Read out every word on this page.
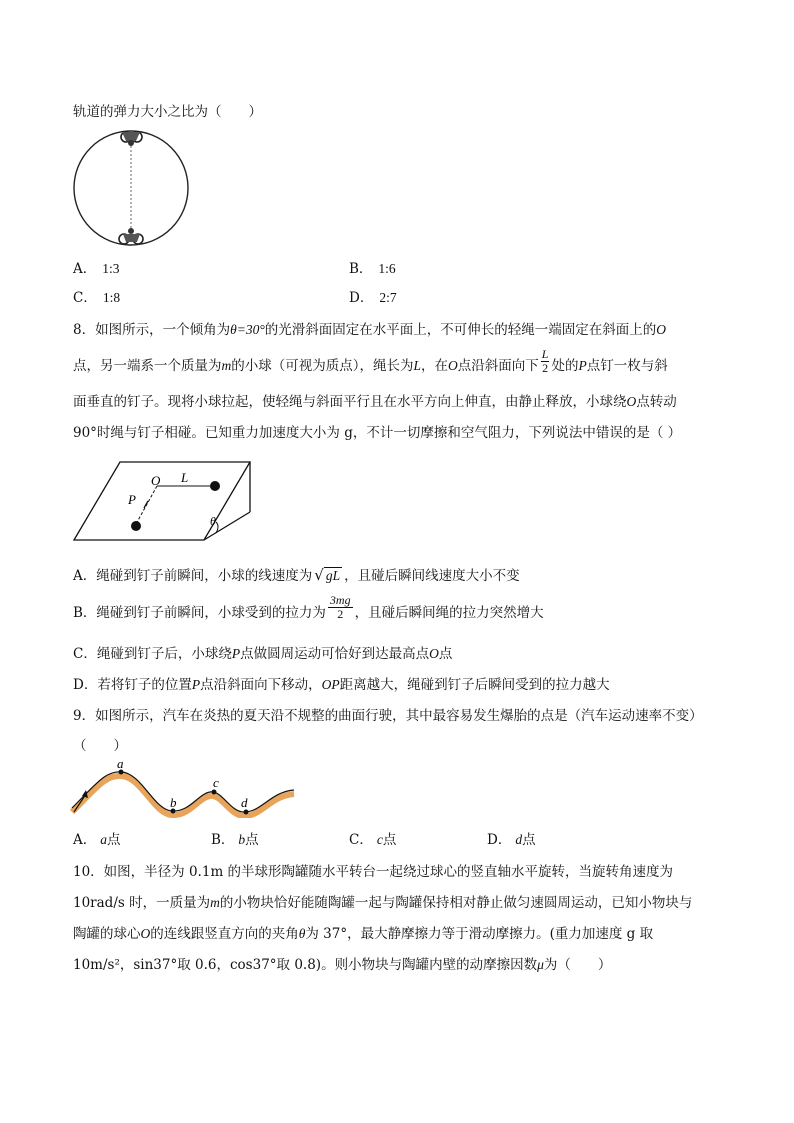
轨道的弹力大小之比为（　　）
A． 1:3	B． 1:6
C． 1:8	D． 2:7
8．如图所示，一个倾角为θ=30°的光滑斜面固定在水平面上，不可伸长的轻绳一端固定在斜面上的O
点，另一端系一个质量为m的小球（可视为质点），绳长为L，在O点沿斜面向下 $\frac{L}{2}$ 处的P点钉一枚与斜
面垂直的钉子。现将小球拉起，使轻绳与斜面平行且在水平方向上伸直，由静止释放，小球绕O点转动
90°时绳与钉子相碰。已知重力加速度大小为 g，不计一切摩擦和空气阻力，下列说法中错误的是（ ）
O L
P
θ
A．绳碰到钉子前瞬间，小球的线速度为 √ gL ，且碰后瞬间线速度大小不变
B．绳碰到钉子前瞬间，小球受到的拉力为 $\frac{3mg}{2}$ ，且碰后瞬间绳的拉力突然增大
C．绳碰到钉子后，小球绕P点做圆周运动可恰好到达最高点O点
D．若将钉子的位置P点沿斜面向下移动，OP距离越大，绳碰到钉子后瞬间受到的拉力越大
9．如图所示，汽车在炎热的夏天沿不规整的曲面行驶，其中最容易发生爆胎的点是（汽车运动速率不变）
（　　）
a
b
c
d
A． a点	B． b点	C． c点	D． d点
10．如图，半径为 0.1m 的半球形陶罐随水平转台一起绕过球心的竖直轴水平旋转，当旋转角速度为
10rad/s 时，一质量为m的小物块恰好能随陶罐一起与陶罐保持相对静止做匀速圆周运动，已知小物块与
陶罐的球心O的连线跟竖直方向的夹角θ为 37°，最大静摩擦力等于滑动摩擦力。(重力加速度 g 取
10m/s²，sin37°取 0.6，cos37°取 0.8)。则小物块与陶罐内壁的动摩擦因数μ为（　　）
